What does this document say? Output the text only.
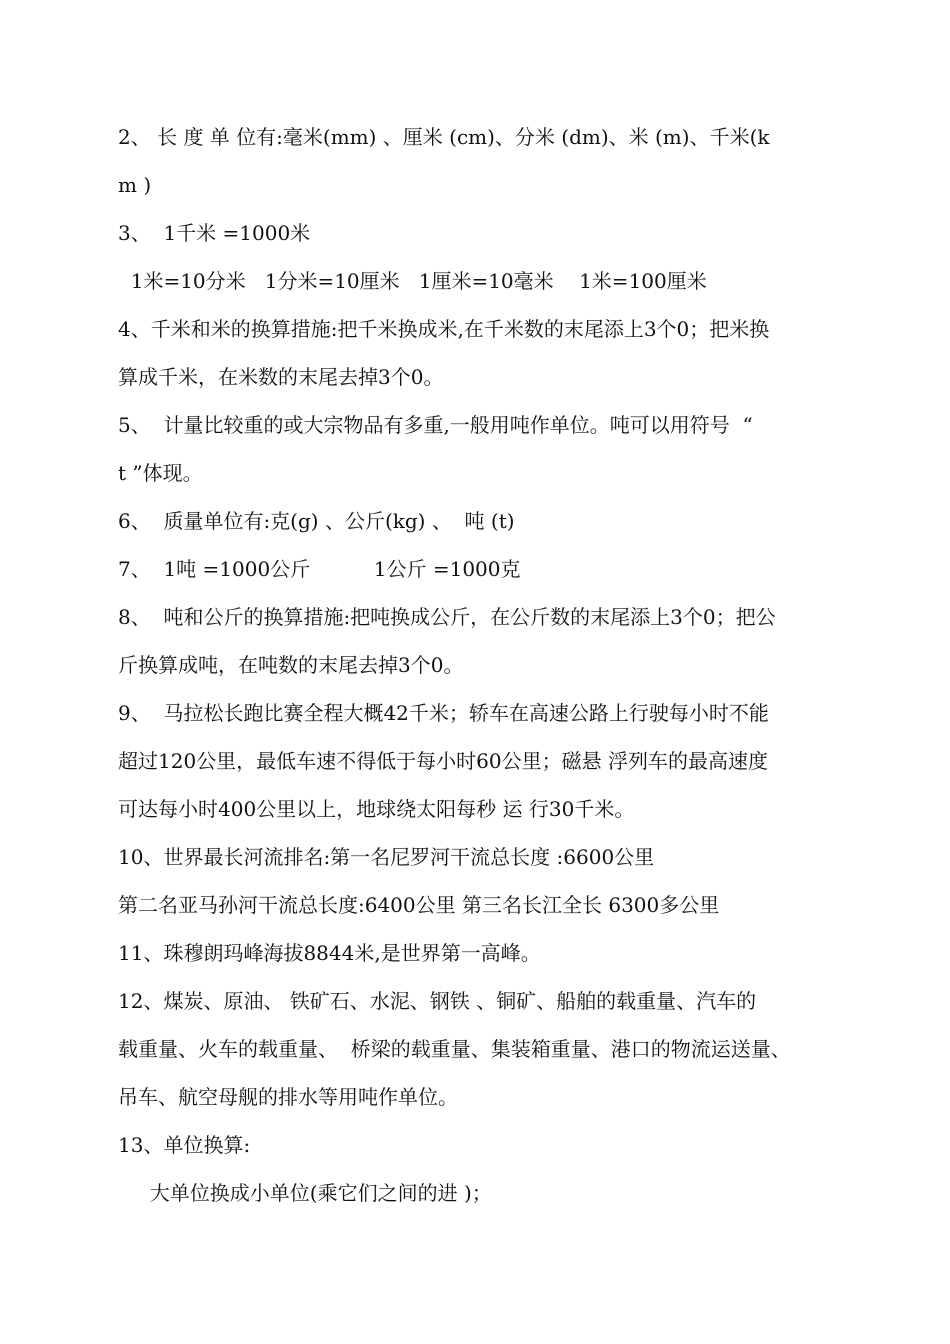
2、 长 度 单 位有:毫米(mm) 、厘米 (cm)、分米 (dm)、米 (m)、千米(k
m )
3、  1千米 =1000米
1米=10分米   1分米=10厘米   1厘米=10毫米    1米=100厘米
4、千米和米的换算措施:把千米换成米,在千米数的末尾添上3个0；把米换
算成千米，在米数的末尾去掉3个0。
5、  计量比较重的或大宗物品有多重,一般用吨作单位。吨可以用符号  “
t ”体现。
6、  质量单位有:克(g) 、公斤(kg) 、  吨 (t)
7、  1吨 =1000公斤          1公斤 =1000克
8、  吨和公斤的换算措施:把吨换成公斤，在公斤数的末尾添上3个0；把公
斤换算成吨，在吨数的末尾去掉3个0。
9、  马拉松长跑比赛全程大概42千米；轿车在高速公路上行驶每小时不能
超过120公里，最低车速不得低于每小时60公里；磁悬 浮列车的最高速度
可达每小时400公里以上，地球绕太阳每秒 运 行30千米。
10、世界最长河流排名:第一名尼罗河干流总长度 :6600公里
第二名亚马孙河干流总长度:6400公里 第三名长江全长 6300多公里
11、珠穆朗玛峰海拔8844米,是世界第一高峰。
12、煤炭、原油、 铁矿石、水泥、钢铁 、铜矿、船舶的载重量、汽车的
载重量、火车的载重量、  桥梁的载重量、集装箱重量、港口的物流运送量、
吊车、航空母舰的排水等用吨作单位。
13、单位换算:
大单位换成小单位(乘它们之间的进 )；
